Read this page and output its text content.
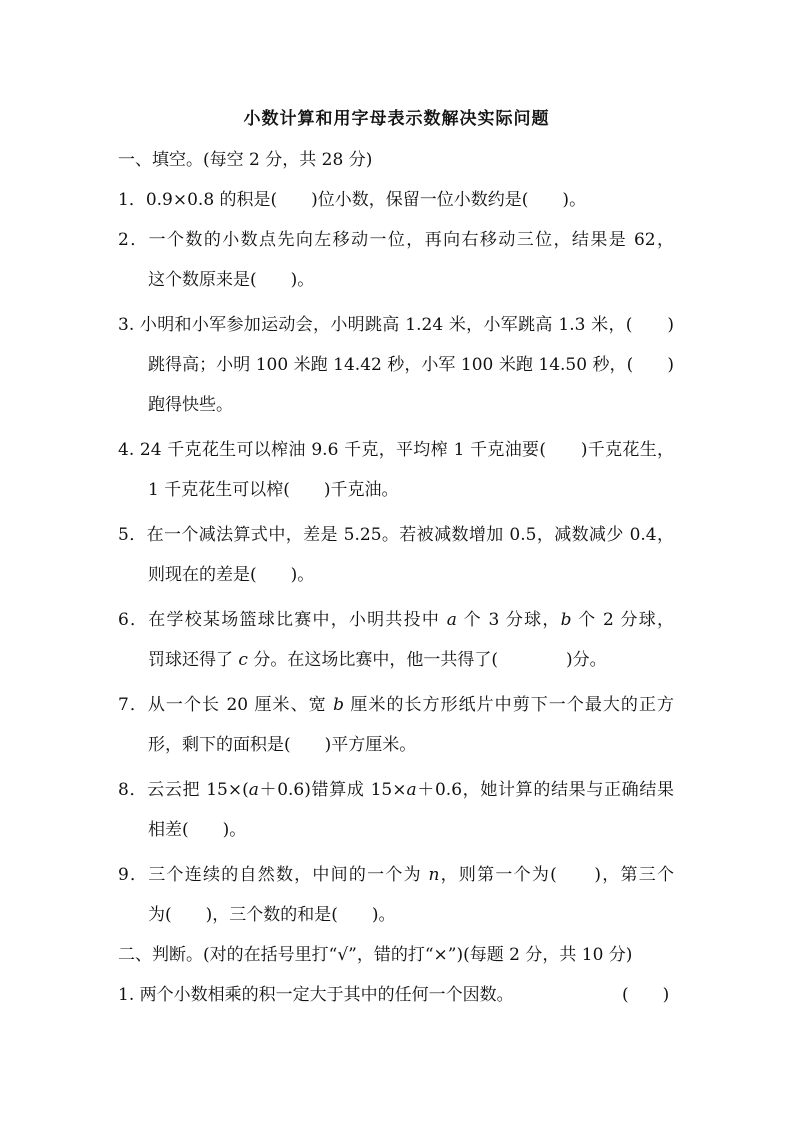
小数计算和用字母表示数解决实际问题
一、填空。(每空 2 分，共 28 分)
1．0.9×0.8 的积是(　　)位小数，保留一位小数约是(　　)。
2．一个数的小数点先向左移动一位，再向右移动三位，结果是 62，
这个数原来是(　　)。
3. 小明和小军参加运动会，小明跳高 1.24 米，小军跳高 1.3 米，(　　)
跳得高；小明 100 米跑 14.42 秒，小军 100 米跑 14.50 秒，(　　)
跑得快些。
4. 24 千克花生可以榨油 9.6 千克，平均榨 1 千克油要(　　)千克花生，
1 千克花生可以榨(　　)千克油。
5．在一个减法算式中，差是 5.25。若被减数增加 0.5，减数减少 0.4，
则现在的差是(　　)。
6．在学校某场篮球比赛中，小明共投中 a 个 3 分球，b 个 2 分球，
罚球还得了 c 分。在这场比赛中，他一共得了(　　　　)分。
7．从一个长 20 厘米、宽 b 厘米的长方形纸片中剪下一个最大的正方
形，剩下的面积是(　　)平方厘米。
8．云云把 15×(a＋0.6)错算成 15×a＋0.6，她计算的结果与正确结果
相差(　　)。
9．三个连续的自然数，中间的一个为 n，则第一个为(　　)，第三个
为(　　)，三个数的和是(　　)。
二、判断。(对的在括号里打“√”，错的打“×”)(每题 2 分，共 10 分)
1. 两个小数相乘的积一定大于其中的任何一个因数。	(　　)
